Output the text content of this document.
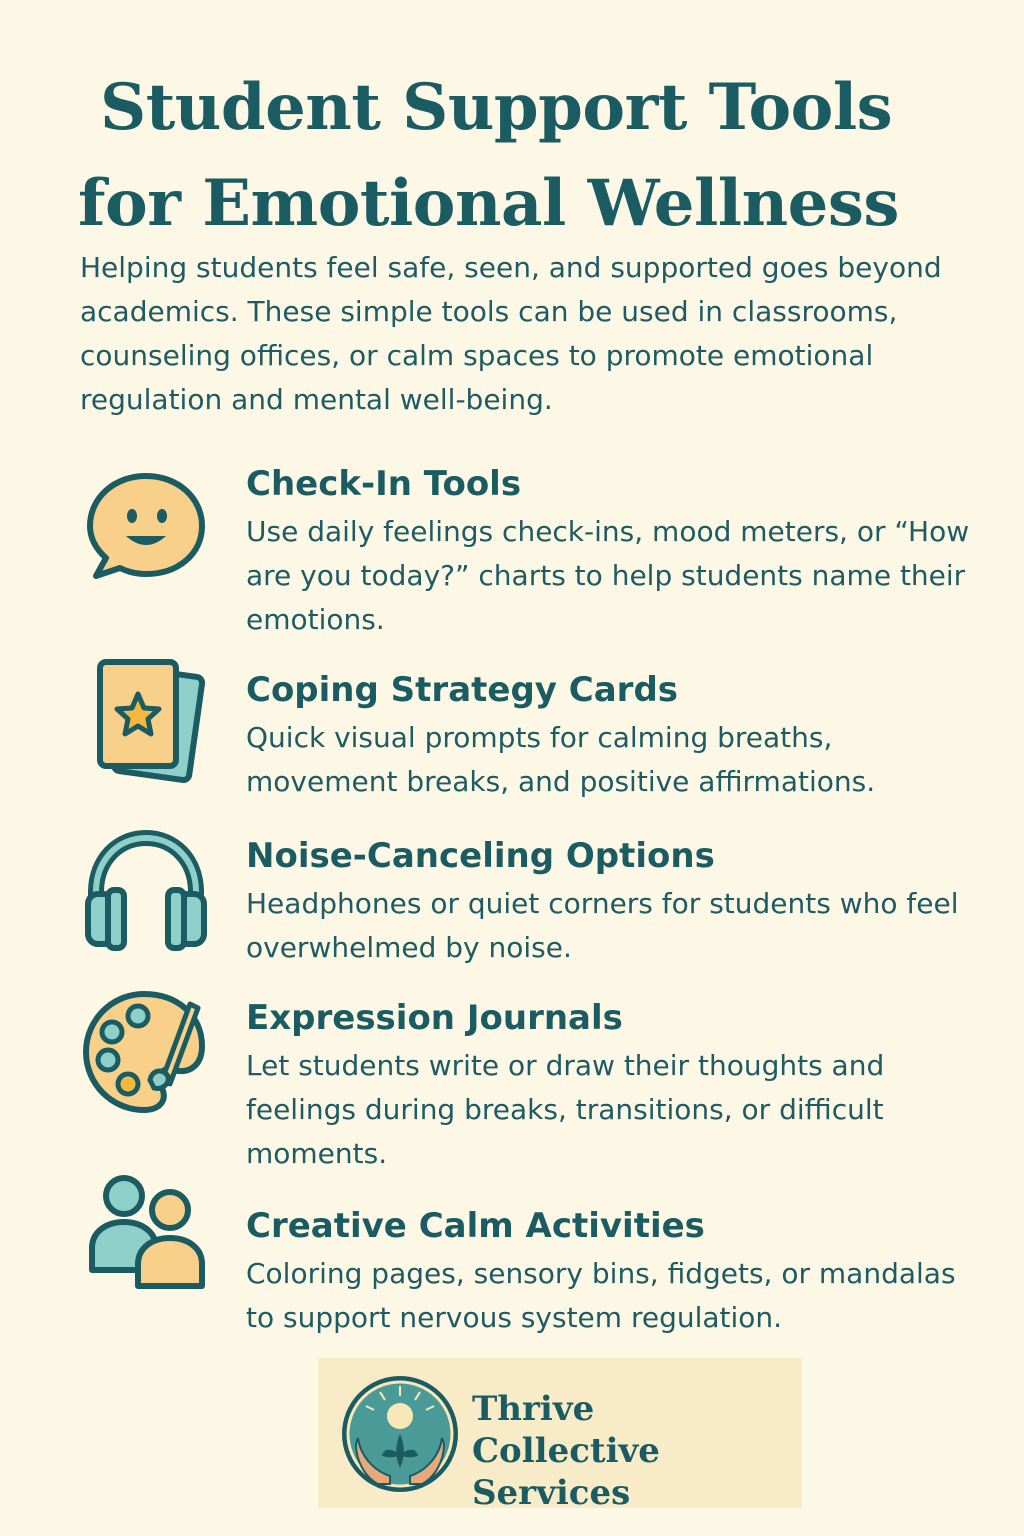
Student Support Tools
for Emotional Wellness

Helping students feel safe, seen, and supported goes beyond academics. These simple tools can be used in classrooms, counseling offices, or calm spaces to promote emotional regulation and mental well-being.

Check-In Tools

Use daily feelings check-ins, mood meters, or “How are you today?” charts to help students name their emotions.

Coping Strategy Cards

Quick visual prompts for calming breaths, movement breaks, and positive affirmations.

Noise-Canceling Options

Headphones or quiet corners for students who feel overwhelmed by noise.

Expression Journals

Let students write or draw their thoughts and feelings during breaks, transitions, or difficult moments.

Creative Calm Activities

Coloring pages, sensory bins, fidgets, or mandalas to support nervous system regulation.

Thrive Collective
Services
